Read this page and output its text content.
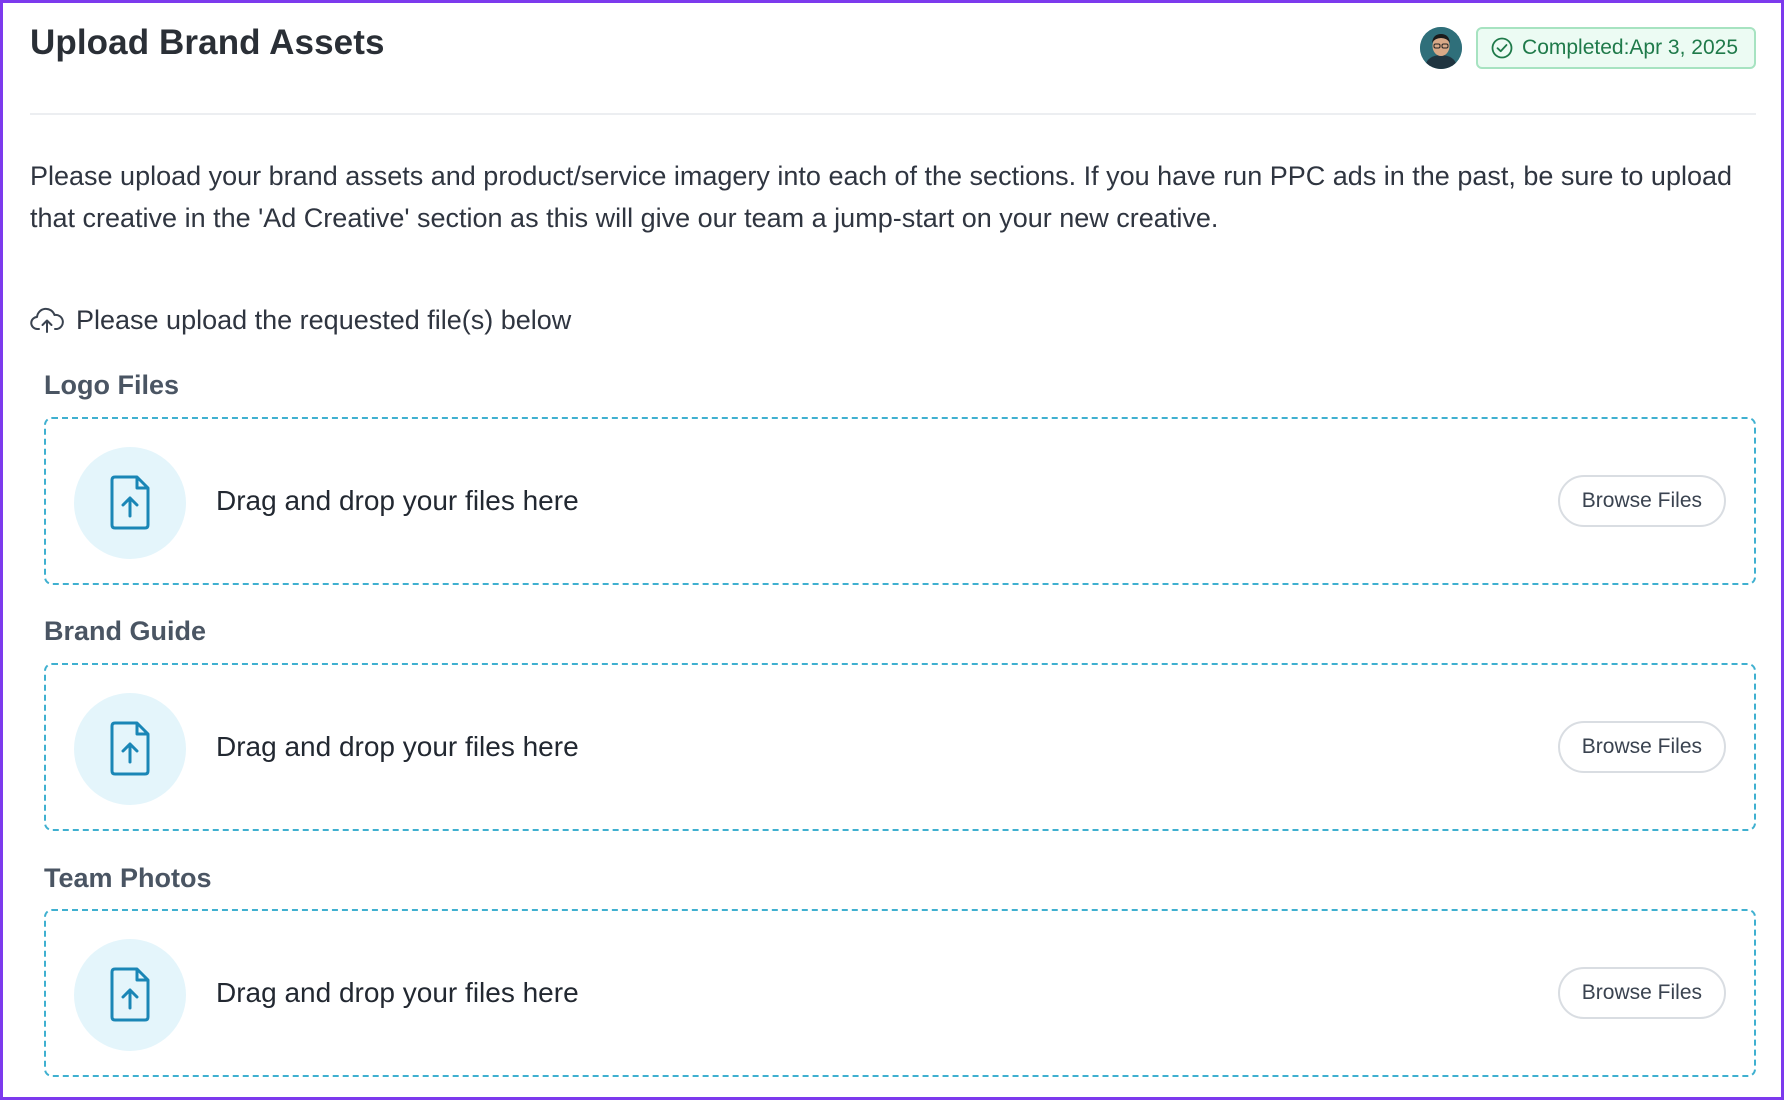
Upload Brand Assets	Completed:Apr 3, 2025
Please upload your brand assets and product/service imagery into each of the sections. If you have run PPC ads in the past, be sure to upload that creative in the 'Ad Creative' section as this will give our team a jump-start on your new creative.
Please upload the requested file(s) below
Logo Files
Drag and drop your files here	Browse Files
Brand Guide
Drag and drop your files here	Browse Files
Team Photos
Drag and drop your files here	Browse Files
